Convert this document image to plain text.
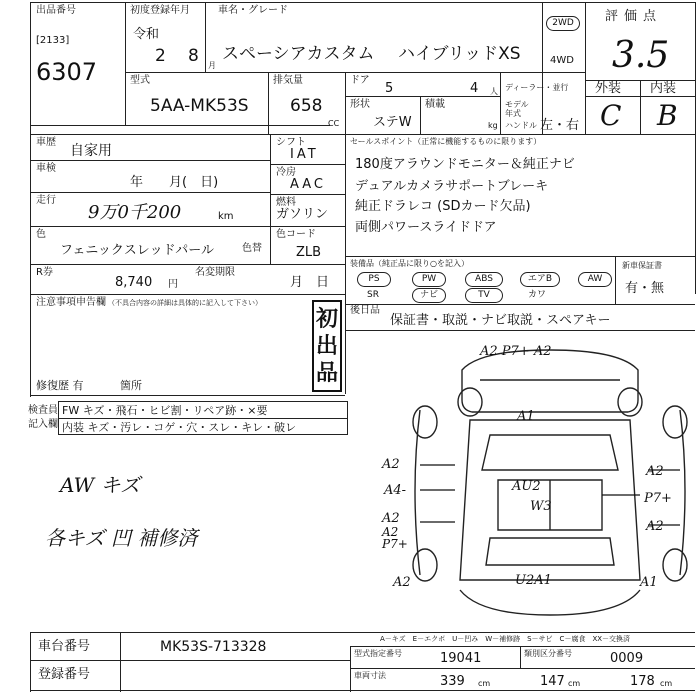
出品番号
[2133]
6307
初度登録年月
令和
2 8 月
車名・グレード
スペーシアカスタム ハイブリッドXS
2WD
4WD
評価点
3.5
型式
5AA-MK53S
排気量
658
CC
ドア
5	4 人
形状
ステW
積載
kg
ディーラー・並行
モデル年式
ハンドル 左・右
外装 内装
C B
車歴
自家用
車検
年　　月(　日)
走行
9万0千200	km
色
フェニックスレッドパール	色替
色コード
ZLB
R券
8,740 円
名変期限
月　日
シフト
IAT
冷房
AAC
燃料
ガソリン
セールスポイント（正常に機能するものに限ります）
180度アラウンドモニター＆純正ナビ
デュアルカメラサポートブレーキ
純正ドラレコ (SDカード欠品)
両側パワースライドドア
装備品（純正品に限り○を記入）
PS	PW	ABS	エアB	AW
SR	ナビ	TV	カワ
新車保証書
有・無
後日品
保証書・取説・ナビ取説・スペアキー
注意事項申告欄 （不具合内容の詳細は具体的に記入して下さい）
初出品
修復歴 有	箇所
検査員記入欄
FW キズ・飛石・ヒビ割・リペア跡・×要
内装 キズ・汚レ・コゲ・穴・スレ・キレ・破レ
AW キズ
各キズ 凹 補修済
A2 P7+ A2
A1
A2
A4-
A2
A2 P7+
AU2
W3
A2
P7+
A2
A2	U2A1	A1
車台番号	MK53S-713328
登録番号
A－キズ　E－エクボ　U－凹み　W－補修跡　S－サビ　C－腐食　XX－交換済
型式指定番号	19041	類別区分番号	0009
車両寸法	339 cm	147 cm	178 cm
